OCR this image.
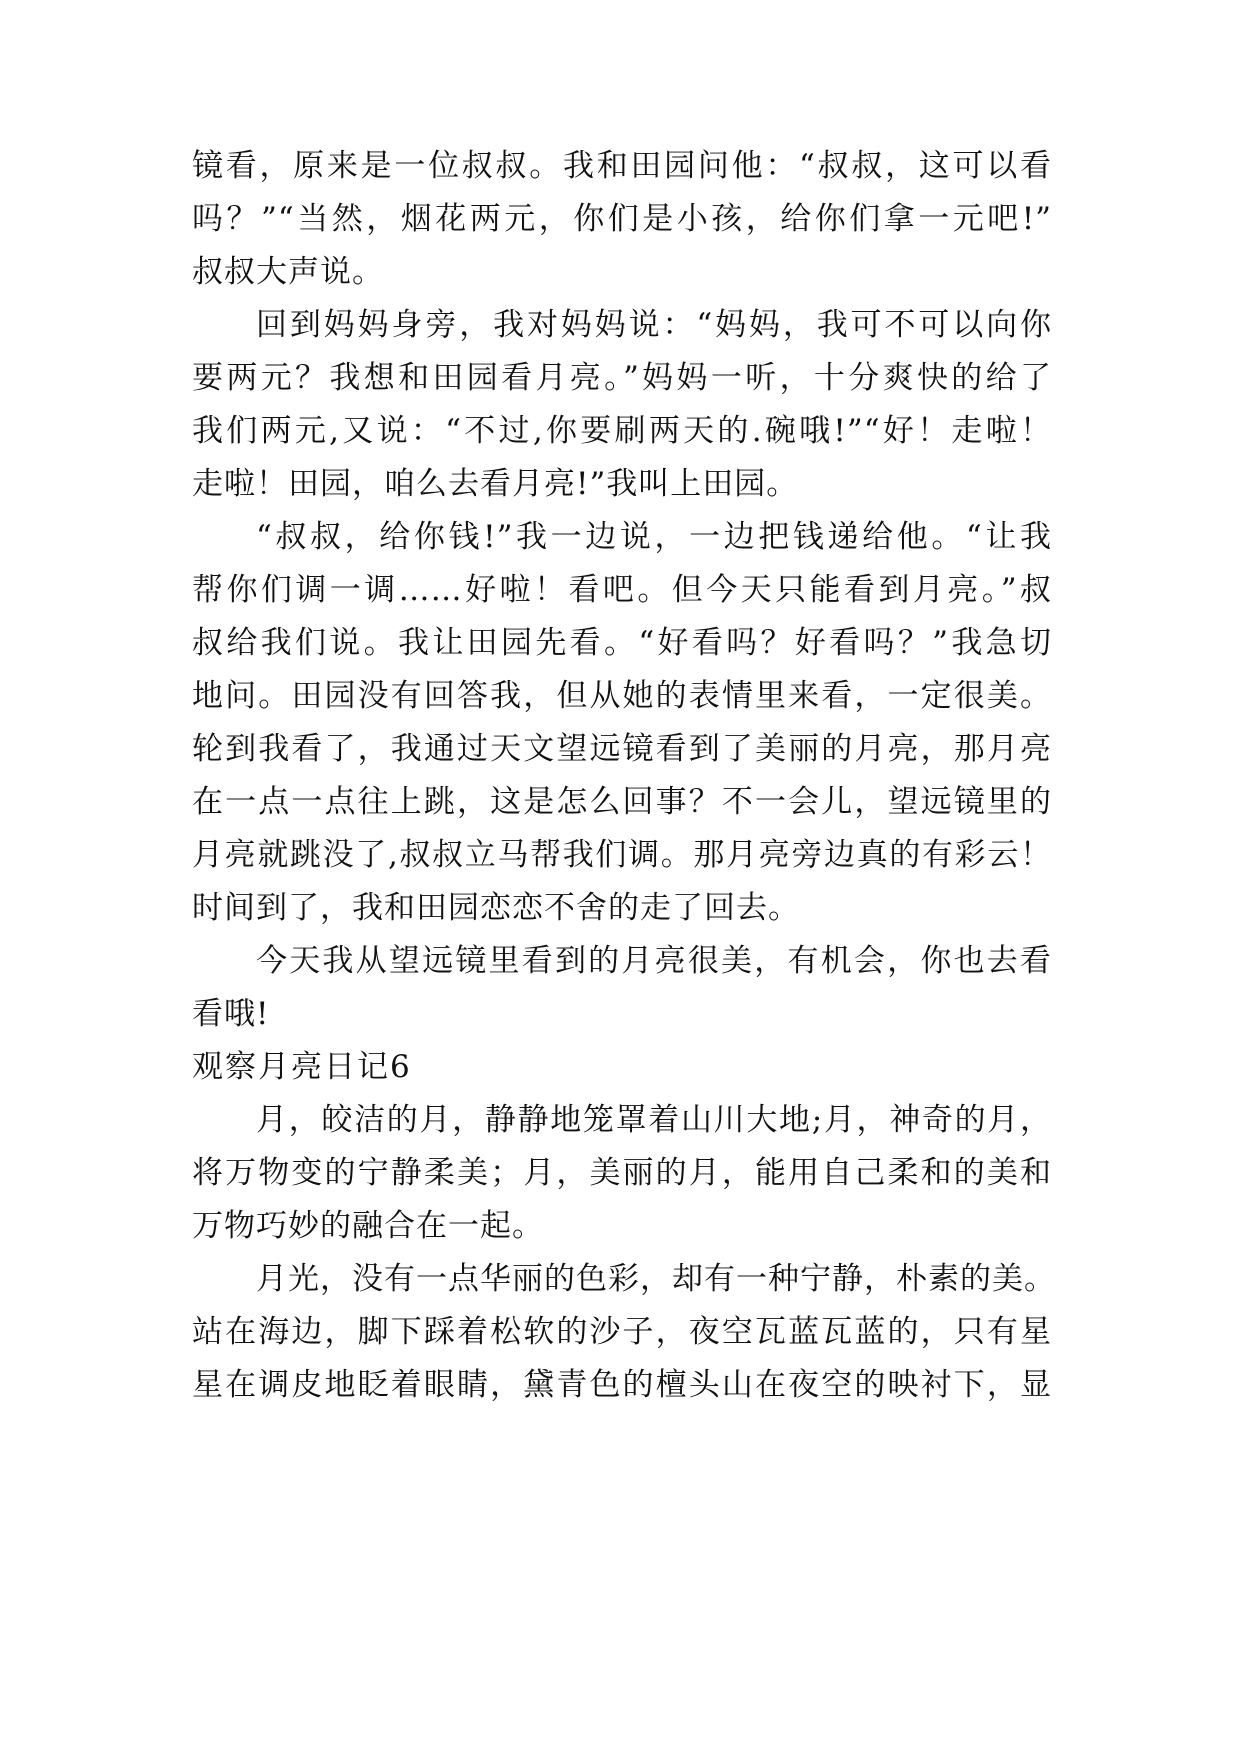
镜看，原来是一位叔叔。我和田园问他：“叔叔，这可以看
吗？”“当然，烟花两元，你们是小孩，给你们拿一元吧!”
叔叔大声说。
回到妈妈身旁，我对妈妈说：“妈妈，我可不可以向你
要两元？我想和田园看月亮。”妈妈一听，十分爽快的给了
我们两元,又说：“不过,你要刷两天的.碗哦!”“好！走啦！
走啦！田园，咱么去看月亮!”我叫上田园。
“叔叔，给你钱!”我一边说，一边把钱递给他。“让我
帮你们调一调……好啦！看吧。但今天只能看到月亮。”叔
叔给我们说。我让田园先看。“好看吗？好看吗？”我急切
地问。田园没有回答我，但从她的表情里来看，一定很美。
轮到我看了，我通过天文望远镜看到了美丽的月亮，那月亮
在一点一点往上跳，这是怎么回事？不一会儿，望远镜里的
月亮就跳没了,叔叔立马帮我们调。那月亮旁边真的有彩云！
时间到了，我和田园恋恋不舍的走了回去。
今天我从望远镜里看到的月亮很美，有机会，你也去看
看哦!
观察月亮日记6
月，皎洁的月，静静地笼罩着山川大地;月，神奇的月，
将万物变的宁静柔美；月，美丽的月，能用自己柔和的美和
万物巧妙的融合在一起。
月光，没有一点华丽的色彩，却有一种宁静，朴素的美。
站在海边，脚下踩着松软的沙子，夜空瓦蓝瓦蓝的，只有星
星在调皮地眨着眼睛，黛青色的檀头山在夜空的映衬下，显
